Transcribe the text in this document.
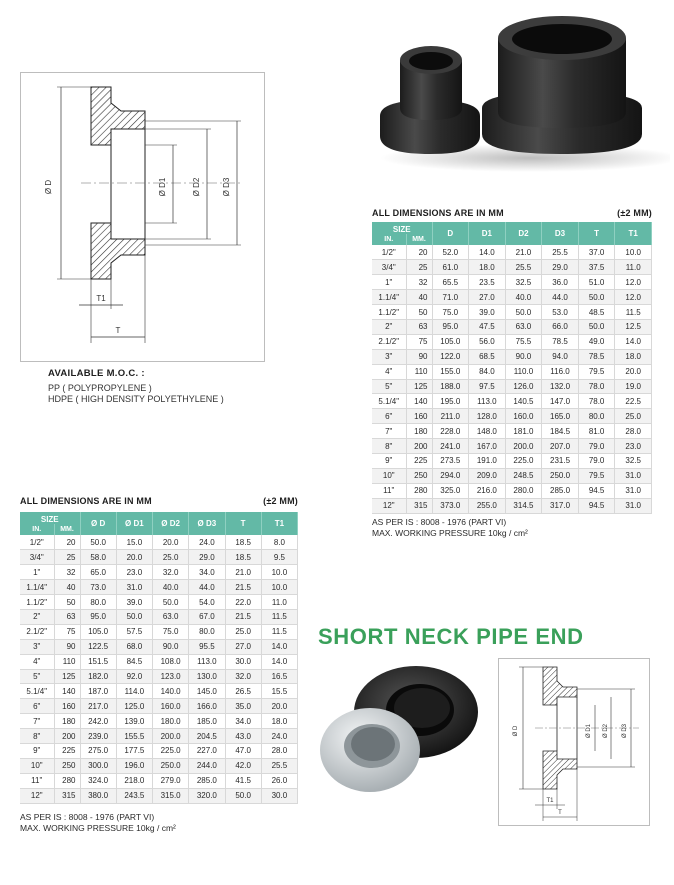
Ø D	Ø D1	Ø D2	Ø D3
T1
T
AVAILABLE M.O.C. :
PP ( POLYPROPYLENE )
HDPE ( HIGH DENSITY POLYETHYLENE )
ALL DIMENSIONS ARE IN MM	(±2 MM)
SIZE		D	D1	D2	D3	T	T1
IN.	MM.						
1/2"	20	52.0	14.0	21.0	25.5	37.0	10.0
3/4"	25	61.0	18.0	25.5	29.0	37.5	11.0
1"	32	65.5	23.5	32.5	36.0	51.0	12.0
1.1/4"	40	71.0	27.0	40.0	44.0	50.0	12.0
1.1/2"	50	75.0	39.0	50.0	53.0	48.5	11.5
2"	63	95.0	47.5	63.0	66.0	50.0	12.5
2.1/2"	75	105.0	56.0	75.5	78.5	49.0	14.0
3"	90	122.0	68.5	90.0	94.0	78.5	18.0
4"	110	155.0	84.0	110.0	116.0	79.5	20.0
5"	125	188.0	97.5	126.0	132.0	78.0	19.0
5.1/4"	140	195.0	113.0	140.5	147.0	78.0	22.5
6"	160	211.0	128.0	160.0	165.0	80.0	25.0
7"	180	228.0	148.0	181.0	184.5	81.0	28.0
8"	200	241.0	167.0	200.0	207.0	79.0	23.0
9"	225	273.5	191.0	225.0	231.5	79.0	32.5
10"	250	294.0	209.0	248.5	250.0	79.5	31.0
11"	280	325.0	216.0	280.0	285.0	94.5	31.0
12"	315	373.0	255.0	314.5	317.0	94.5	31.0
AS PER IS : 8008 - 1976 (PART VI)
MAX. WORKING PRESSURE 10kg / cm²
ALL DIMENSIONS ARE IN MM	(±2 MM)
SIZE		Ø D	Ø D1	Ø D2	Ø D3	T	T1
IN.	MM.						
1/2"	20	50.0	15.0	20.0	24.0	18.5	8.0
3/4"	25	58.0	20.0	25.0	29.0	18.5	9.5
1"	32	65.0	23.0	32.0	34.0	21.0	10.0
1.1/4"	40	73.0	31.0	40.0	44.0	21.5	10.0
1.1/2"	50	80.0	39.0	50.0	54.0	22.0	11.0
2"	63	95.0	50.0	63.0	67.0	21.5	11.5
2.1/2"	75	105.0	57.5	75.0	80.0	25.0	11.5
3"	90	122.5	68.0	90.0	95.5	27.0	14.0
4"	110	151.5	84.5	108.0	113.0	30.0	14.0
5"	125	182.0	92.0	123.0	130.0	32.0	16.5
5.1/4"	140	187.0	114.0	140.0	145.0	26.5	15.5
6"	160	217.0	125.0	160.0	166.0	35.0	20.0
7"	180	242.0	139.0	180.0	185.0	34.0	18.0
8"	200	239.0	155.5	200.0	204.5	43.0	24.0
9"	225	275.0	177.5	225.0	227.0	47.0	28.0
10"	250	300.0	196.0	250.0	244.0	42.0	25.5
11"	280	324.0	218.0	279.0	285.0	41.5	26.0
12"	315	380.0	243.5	315.0	320.0	50.0	30.0
AS PER IS : 8008 - 1976 (PART VI)
MAX. WORKING PRESSURE 10kg / cm²
SHORT NECK PIPE END
Ø D	Ø D1 Ø D2 Ø D3
T1
T
